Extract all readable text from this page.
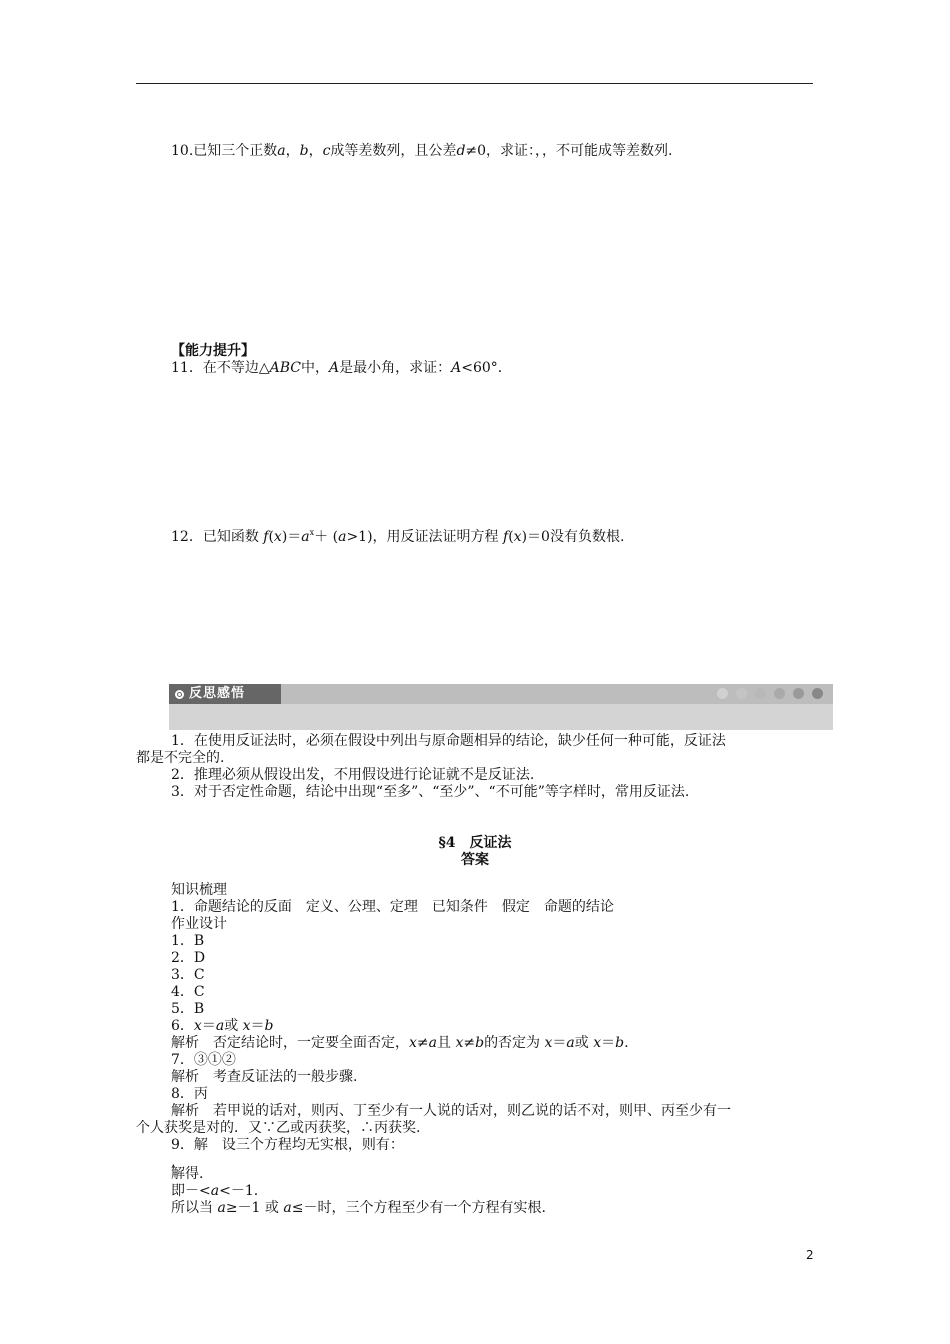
10.已知三个正数a，b，c成等差数列，且公差d≠0，求证：，，不可能成等差数列.
【能力提升】
11．在不等边△ABC中，A是最小角，求证：A<60°．
12．已知函数 $f(x)=a^x+ (a>1)$，用反证法证明方程 f(x)＝0没有负数根.
反思感悟
1．在使用反证法时，必须在假设中列出与原命题相异的结论，缺少任何一种可能，反证法
都是不完全的.
2．推理必须从假设出发，不用假设进行论证就不是反证法.
3．对于否定性命题，结论中出现“至多”、“至少”、“不可能”等字样时，常用反证法.
§4　反证法
答案
知识梳理
1．命题结论的反面　定义、公理、定理　已知条件　假定　命题的结论
作业设计
1．B
2．D
3．C
4．C
5．B
6．x＝a或 x＝b
解析　否定结论时，一定要全面否定，x≠a且 x≠b的否定为 x＝a或 x＝b.
7．③①②
解析　考查反证法的一般步骤.
8．丙
解析　若甲说的话对，则丙、丁至少有一人说的话对，则乙说的话不对，则甲、丙至少有一
个人获奖是对的．又∵乙或丙获奖，∴丙获奖.
9．解　设三个方程均无实根，则有：
,
解得.
即－<a<－1.
所以当 a≥－1 或 a≤－时，三个方程至少有一个方程有实根.
2
